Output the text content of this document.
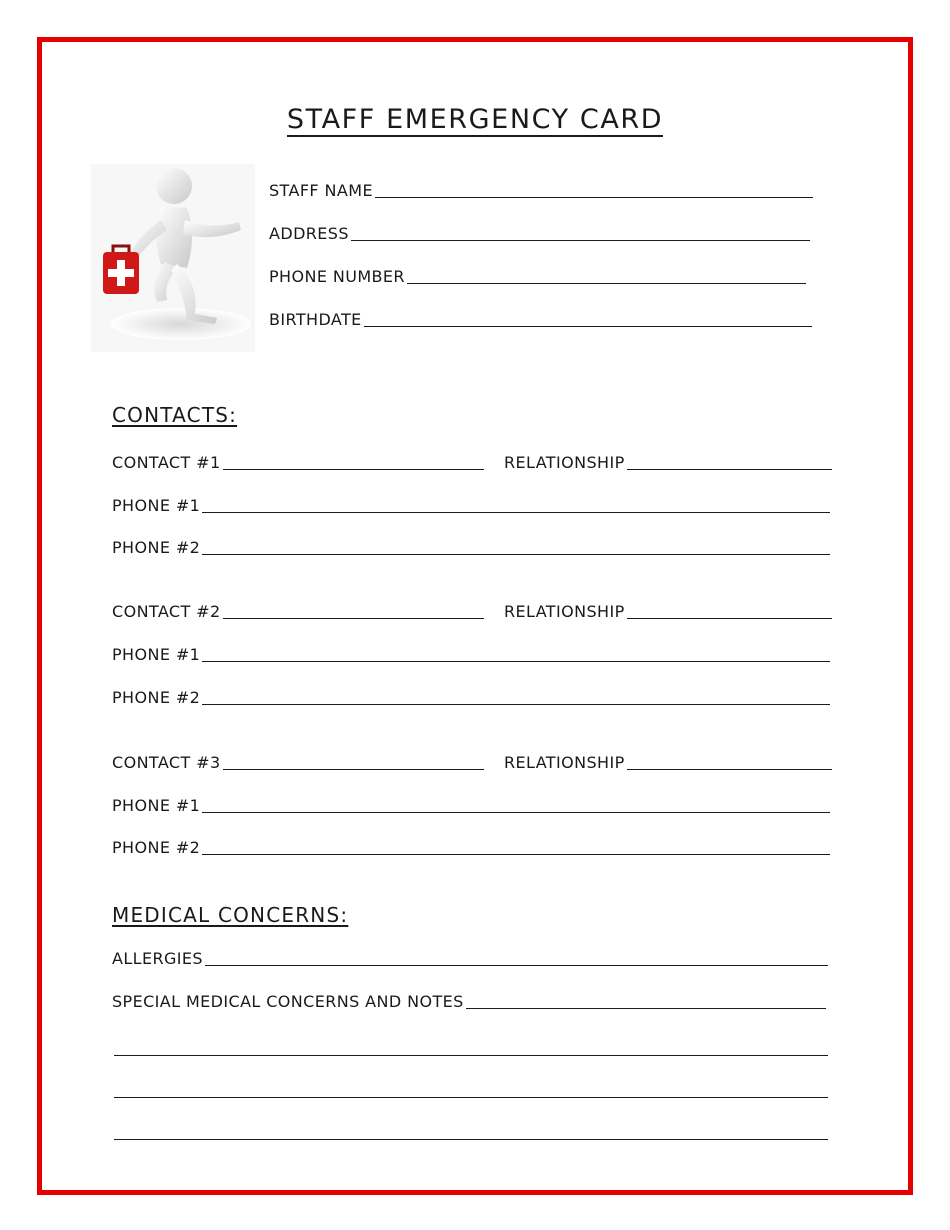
STAFF EMERGENCY CARD
STAFF NAME
ADDRESS
PHONE NUMBER
BIRTHDATE
CONTACTS:
CONTACT #1	RELATIONSHIP
PHONE #1
PHONE #2
CONTACT #2	RELATIONSHIP
PHONE #1
PHONE #2
CONTACT #3	RELATIONSHIP
PHONE #1
PHONE #2
MEDICAL CONCERNS:
ALLERGIES
SPECIAL MEDICAL CONCERNS AND NOTES
